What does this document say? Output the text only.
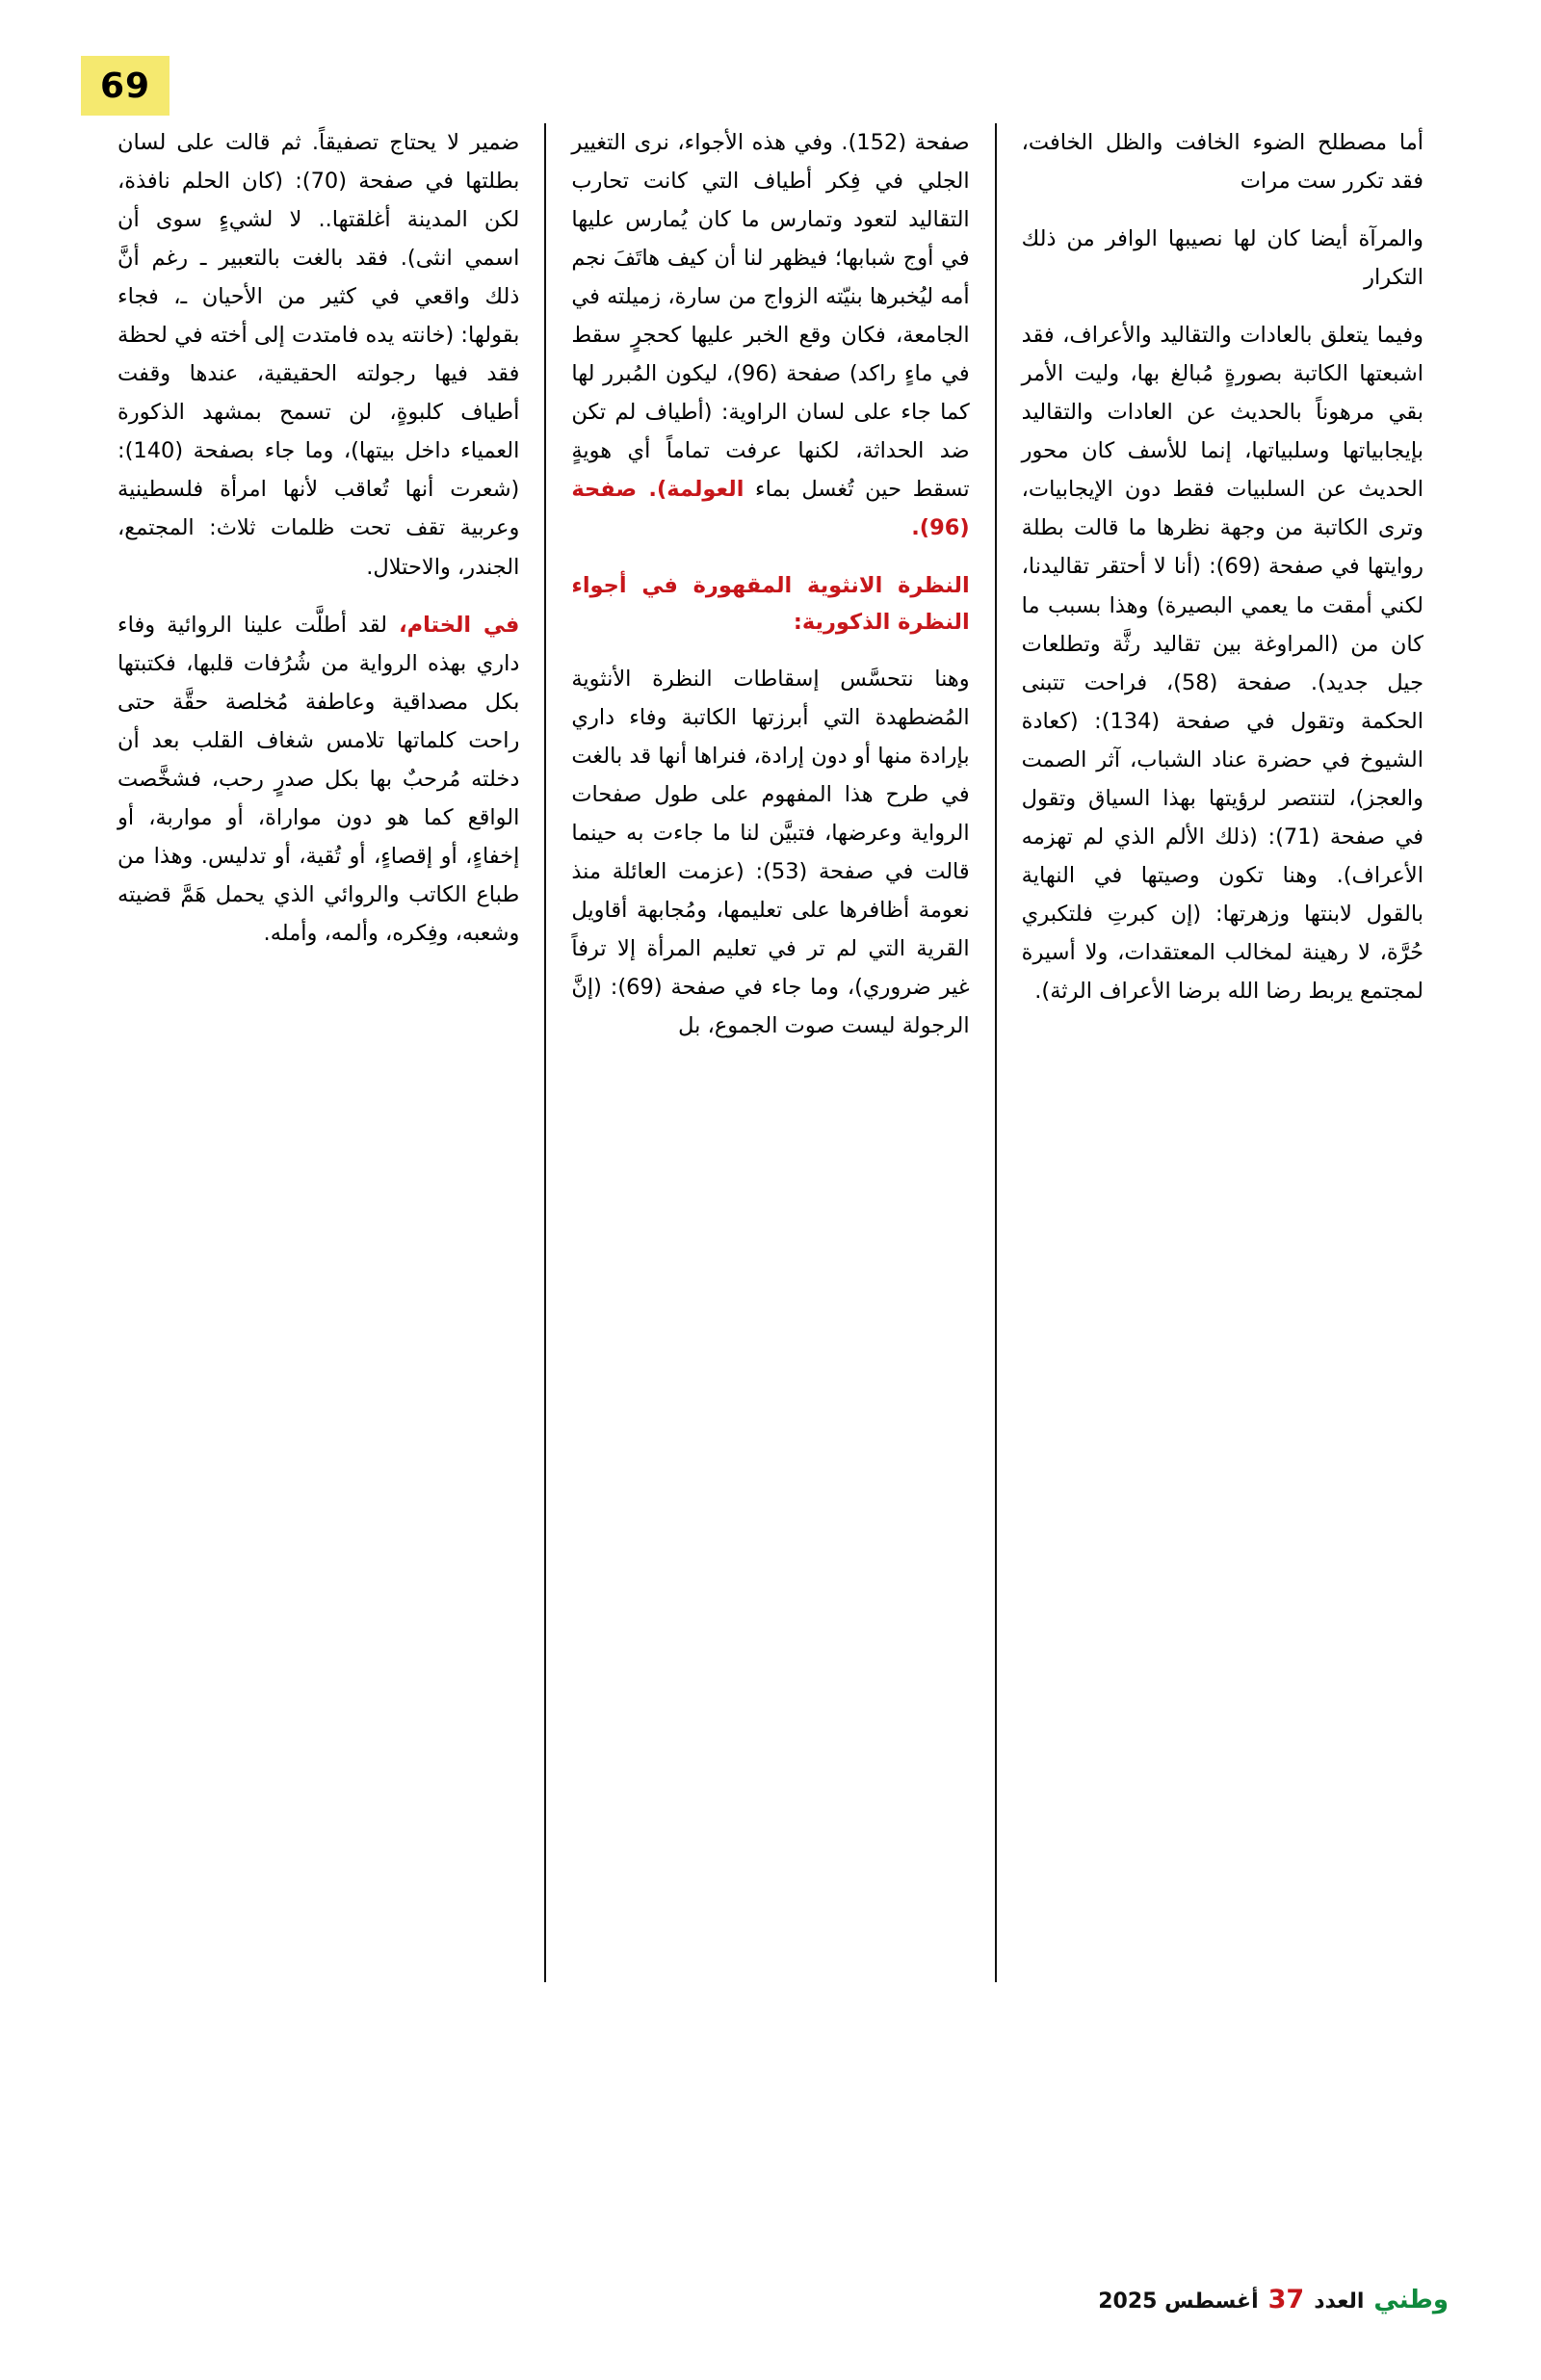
69

أما مصطلح الضوء الخافت والظل الخافت، فقد تكرر ست مرات

والمرآة أيضا كان لها نصيبها الوافر من ذلك التكرار

وفيما يتعلق بالعادات والتقاليد والأعراف، فقد اشبعتها الكاتبة بصورةٍ مُبالغ بها، وليت الأمر بقي مرهوناً بالحديث عن العادات والتقاليد بإيجابياتها وسلبياتها، إنما للأسف كان محور الحديث عن السلبيات فقط دون الإيجابيات، وترى الكاتبة من وجهة نظرها ما قالت بطلة روايتها في صفحة (69): (أنا لا أحتقر تقاليدنا، لكني أمقت ما يعمي البصيرة) وهذا بسبب ما كان من (المراوغة بين تقاليد رثَّة وتطلعات جيل جديد). صفحة (58)، فراحت تتبنى الحكمة وتقول في صفحة (134): (كعادة الشيوخ في حضرة عناد الشباب، آثر الصمت والعجز)، لتنتصر لرؤيتها بهذا السياق وتقول في صفحة (71): (ذلك الألم الذي لم تهزمه الأعراف). وهنا تكون وصيتها في النهاية بالقول لابنتها وزهرتها: (إن كبرتِ فلتكبري حُرَّة، لا رهينة لمخالب المعتقدات، ولا أسيرة لمجتمع يربط رضا الله برضا الأعراف الرثة).

صفحة (152). وفي هذه الأجواء، نرى التغيير الجلي في فِكر أطياف التي كانت تحارب التقاليد لتعود وتمارس ما كان يُمارس عليها في أوج شبابها؛ فيظهر لنا أن كيف هاتَفَ نجم أمه ليُخبرها بنيّته الزواج من سارة، زميلته في الجامعة، فكان وقع الخبر عليها كحجرٍ سقط في ماءٍ راكد) صفحة (96)، ليكون المُبرر لها كما جاء على لسان الراوية: (أطياف لم تكن ضد الحداثة، لكنها عرفت تماماً أي هويةٍ تسقط حين تُغسل بماء العولمة). صفحة (96).

النظرة الانثوية المقهورة في أجواء النظرة الذكورية:

وهنا نتحسَّس إسقاطات النظرة الأنثوية المُضطهدة التي أبرزتها الكاتبة وفاء داري بإرادة منها أو دون إرادة، فنراها أنها قد بالغت في طرح هذا المفهوم على طول صفحات الرواية وعرضها، فتبيَّن لنا ما جاءت به حينما قالت في صفحة (53): (عزمت العائلة منذ نعومة أظافرها على تعليمها، ومُجابهة أقاويل القرية التي لم تر في تعليم المرأة إلا ترفاً غير ضروري)، وما جاء في صفحة (69): (إنَّ الرجولة ليست صوت الجموع، بل

ضمير لا يحتاج تصفيقاً. ثم قالت على لسان بطلتها في صفحة (70): (كان الحلم نافذة، لكن المدينة أغلقتها.. لا لشيءٍ سوى أن اسمي انثى). فقد بالغت بالتعبير ـ رغم أنَّ ذلك واقعي في كثير من الأحيان ـ، فجاء بقولها: (خانته يده فامتدت إلى أخته في لحظة فقد فيها رجولته الحقيقية، عندها وقفت أطياف كلبوةٍ، لن تسمح بمشهد الذكورة العمياء داخل بيتها)، وما جاء بصفحة (140): (شعرت أنها تُعاقب لأنها امرأة فلسطينية وعربية تقف تحت ظلمات ثلاث: المجتمع، الجندر، والاحتلال.

في الختام، لقد أطلَّت علينا الروائية وفاء داري بهذه الرواية من شُرُفات قلبها، فكتبتها بكل مصداقية وعاطفة مُخلصة حقَّة حتى راحت كلماتها تلامس شغاف القلب بعد أن دخلته مُرحبٌ بها بكل صدرٍ رحب، فشخَّصت الواقع كما هو دون مواراة، أو مواربة، أو إخفاءٍ، أو إقصاءٍ، أو تُقية، أو تدليس. وهذا من طباع الكاتب والروائي الذي يحمل هَمَّ قضيته وشعبه، وفِكره، وألمه، وأمله.

وطني
العدد
37
أغسطس 2025
